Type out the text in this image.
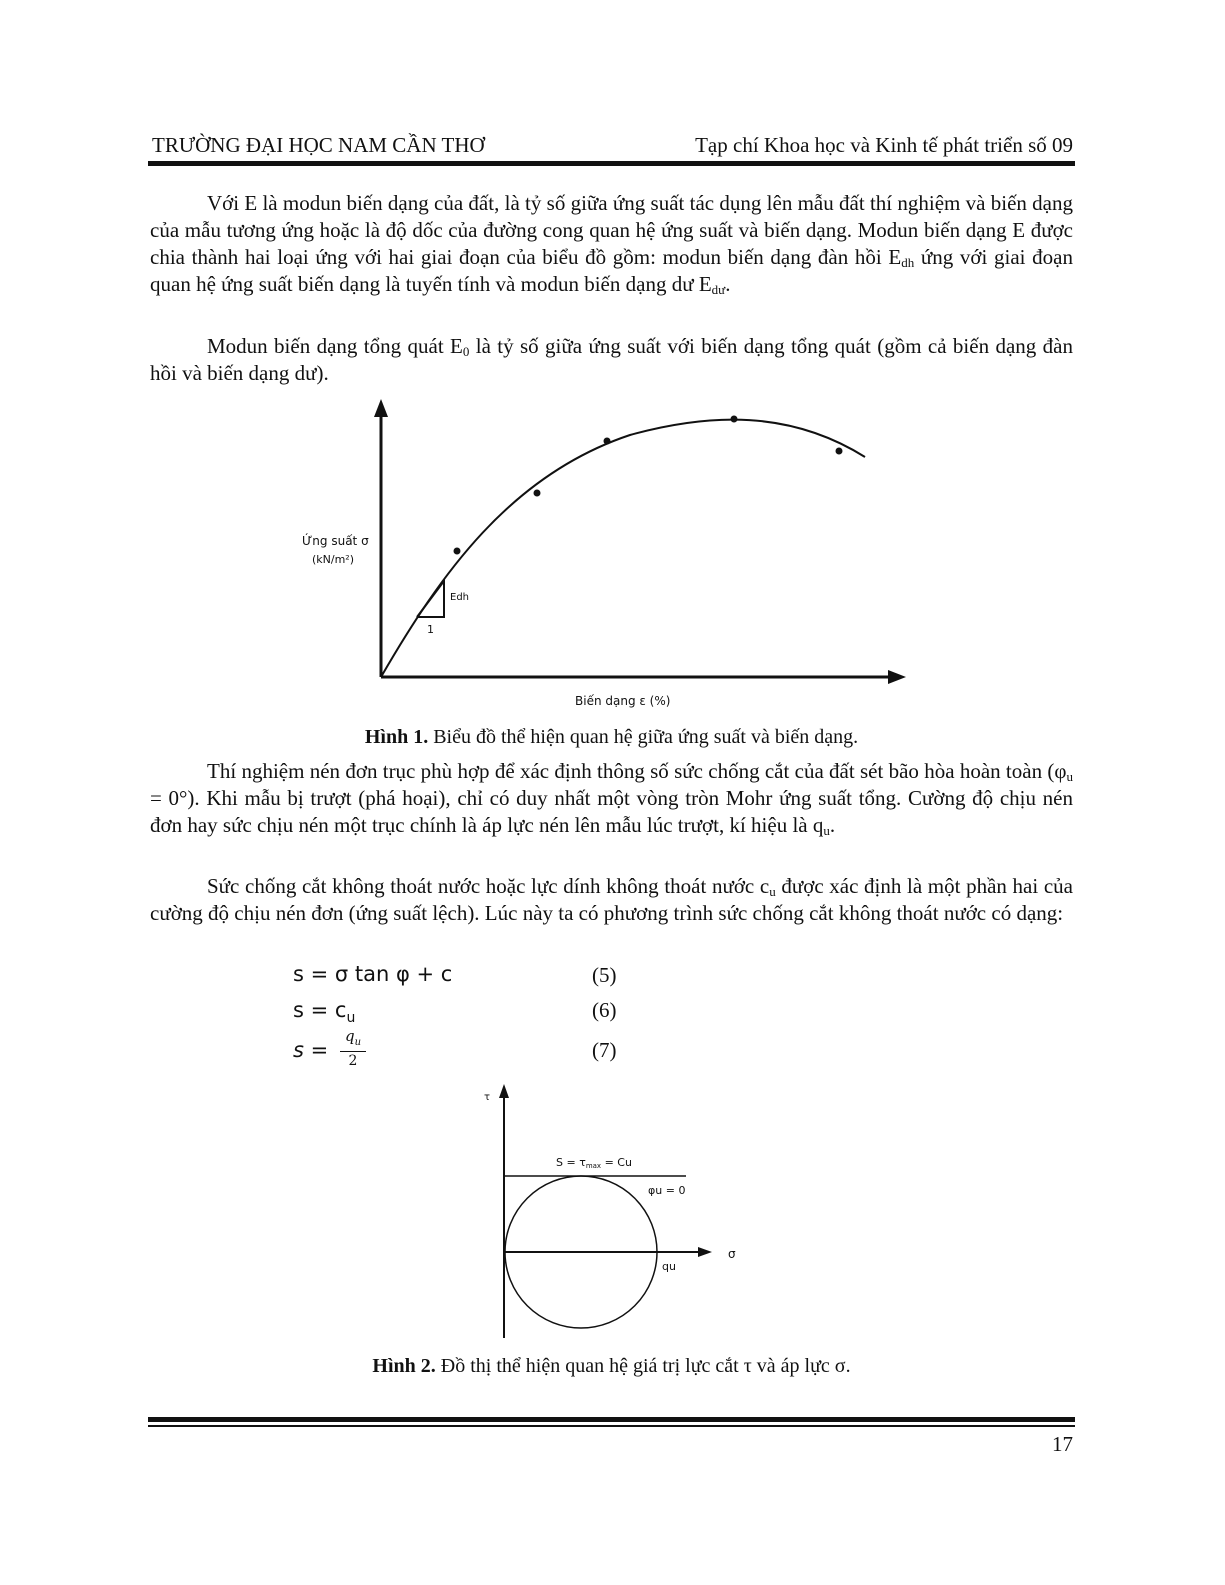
TRƯỜNG ĐẠI HỌC NAM CẦN THƠ	Tạp chí Khoa học và Kinh tế phát triển số 09

Với E là modun biến dạng của đất, là tỷ số giữa ứng suất tác dụng lên mẫu đất thí nghiệm và biến dạng của mẫu tương ứng hoặc là độ dốc của đường cong quan hệ ứng suất và biến dạng. Modun biến dạng E được chia thành hai loại ứng với hai giai đoạn của biểu đồ gồm: modun biến dạng đàn hồi $E_{dh}$ ứng với giai đoạn quan hệ ứng suất biến dạng là tuyến tính và modun biến dạng dư $E_{dư}$.

Modun biến dạng tổng quát $E_0$ là tỷ số giữa ứng suất với biến dạng tổng quát (gồm cả biến dạng đàn hồi và biến dạng dư).

Edh
1
Ứng suất σ
(kN/m²)
Biến dạng ε (%)
Hình 1. Biểu đồ thể hiện quan hệ giữa ứng suất và biến dạng.

Thí nghiệm nén đơn trục phù hợp để xác định thông số sức chống cắt của đất sét bão hòa hoàn toàn $(\varphi_u = 0^\circ)$. Khi mẫu bị trượt (phá hoại), chỉ có duy nhất một vòng tròn Mohr ứng suất tổng. Cường độ chịu nén đơn hay sức chịu nén một trục chính là áp lực nén lên mẫu lúc trượt, kí hiệu là $q_u$.

Sức chống cắt không thoát nước hoặc lực dính không thoát nước $c_u$ được xác định là một phần hai của cường độ chịu nén đơn (ứng suất lệch). Lúc này ta có phương trình sức chống cắt không thoát nước có dạng:

s = σ tan φ + c	(5)
$s = c_u$	(6)
$s = \frac{q_u}{2}$	(7)
τ
σ
S = τmax = Cu
φu = 0
qu
Hình 2. Đồ thị thể hiện quan hệ giá trị lực cắt τ và áp lực σ.
17
